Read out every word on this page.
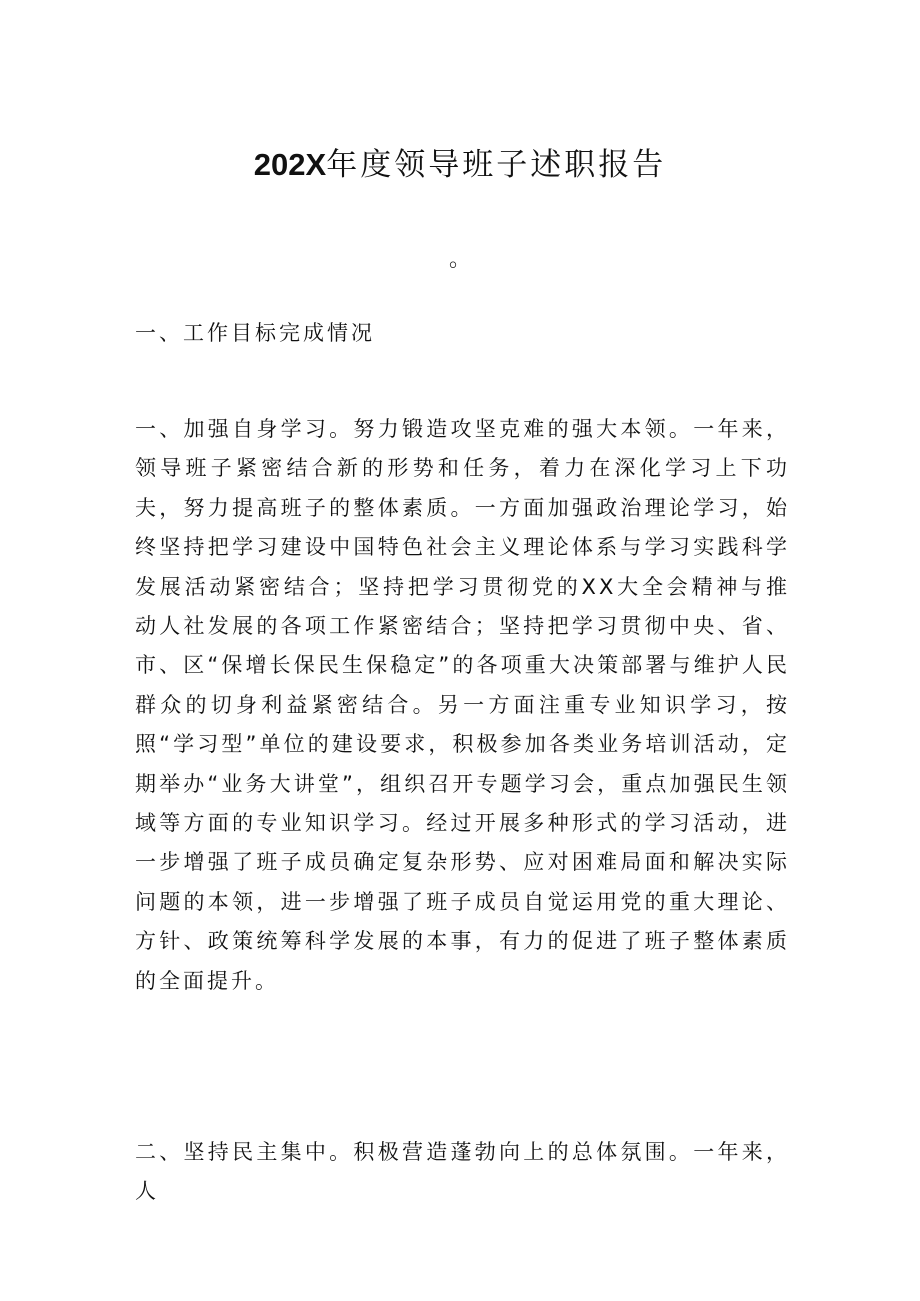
202X年度领导班子述职报告
。

一、工作目标完成情况

一、加强自身学习。努力锻造攻坚克难的强大本领。一年来，领导班子紧密结合新的形势和任务，着力在深化学习上下功夫，努力提高班子的整体素质。一方面加强政治理论学习，始终坚持把学习建设中国特色社会主义理论体系与学习实践科学发展活动紧密结合；坚持把学习贯彻党的XX大全会精神与推动人社发展的各项工作紧密结合；坚持把学习贯彻中央、省、市、区“保增长保民生保稳定”的各项重大决策部署与维护人民群众的切身利益紧密结合。另一方面注重专业知识学习，按照“学习型”单位的建设要求，积极参加各类业务培训活动，定期举办“业务大讲堂”，组织召开专题学习会，重点加强民生领域等方面的专业知识学习。经过开展多种形式的学习活动，进一步增强了班子成员确定复杂形势、应对困难局面和解决实际问题的本领，进一步增强了班子成员自觉运用党的重大理论、方针、政策统筹科学发展的本事，有力的促进了班子整体素质的全面提升。

二、坚持民主集中。积极营造蓬勃向上的总体氛围。一年来，人
